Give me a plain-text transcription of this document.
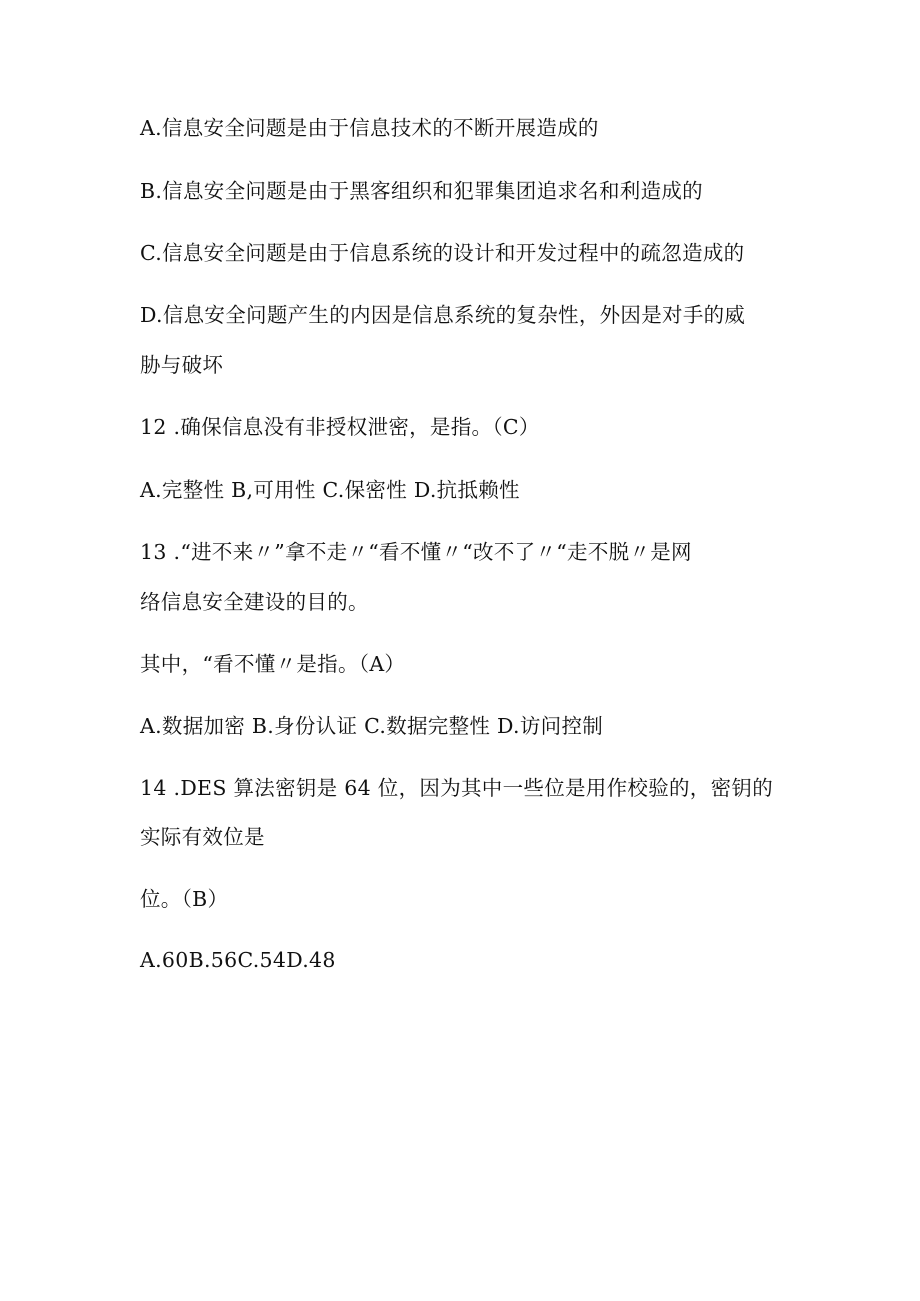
A.信息安全问题是由于信息技术的不断开展造成的
B.信息安全问题是由于黑客组织和犯罪集团追求名和利造成的
C.信息安全问题是由于信息系统的设计和开发过程中的疏忽造成的
D.信息安全问题产生的内因是信息系统的复杂性，外因是对手的威
胁与破坏
12 .确保信息没有非授权泄密，是指。（C）
A.完整性 B,可用性 C.保密性 D.抗抵赖性
13 .“进不来〃”拿不走〃“看不懂〃“改不了〃“走不脱〃是网
络信息安全建设的目的。
其中，“看不懂〃是指。（A）
A.数据加密 B.身份认证 C.数据完整性 D.访问控制
14 .DES 算法密钥是 64 位，因为其中一些位是用作校验的，密钥的
实际有效位是
位。（B）
A.60B.56C.54D.48
